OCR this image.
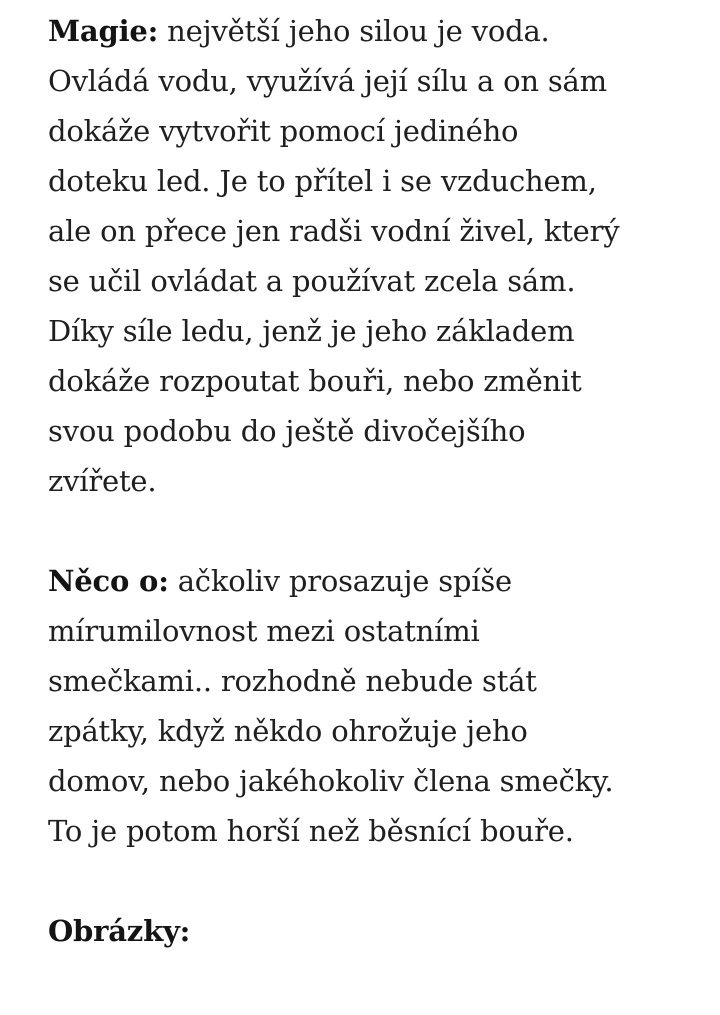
Magie: největší jeho silou je voda.
Ovládá vodu, využívá její sílu a on sám
dokáže vytvořit pomocí jediného
doteku led. Je to přítel i se vzduchem,
ale on přece jen radši vodní živel, který
se učil ovládat a používat zcela sám.
Díky síle ledu, jenž je jeho základem
dokáže rozpoutat bouři, nebo změnit
svou podobu do ještě divočejšího
zvířete.

Něco o: ačkoliv prosazuje spíše
mírumilovnost mezi ostatními
smečkami.. rozhodně nebude stát
zpátky, když někdo ohrožuje jeho
domov, nebo jakéhokoliv člena smečky.
To je potom horší než běsnící bouře.

Obrázky:
